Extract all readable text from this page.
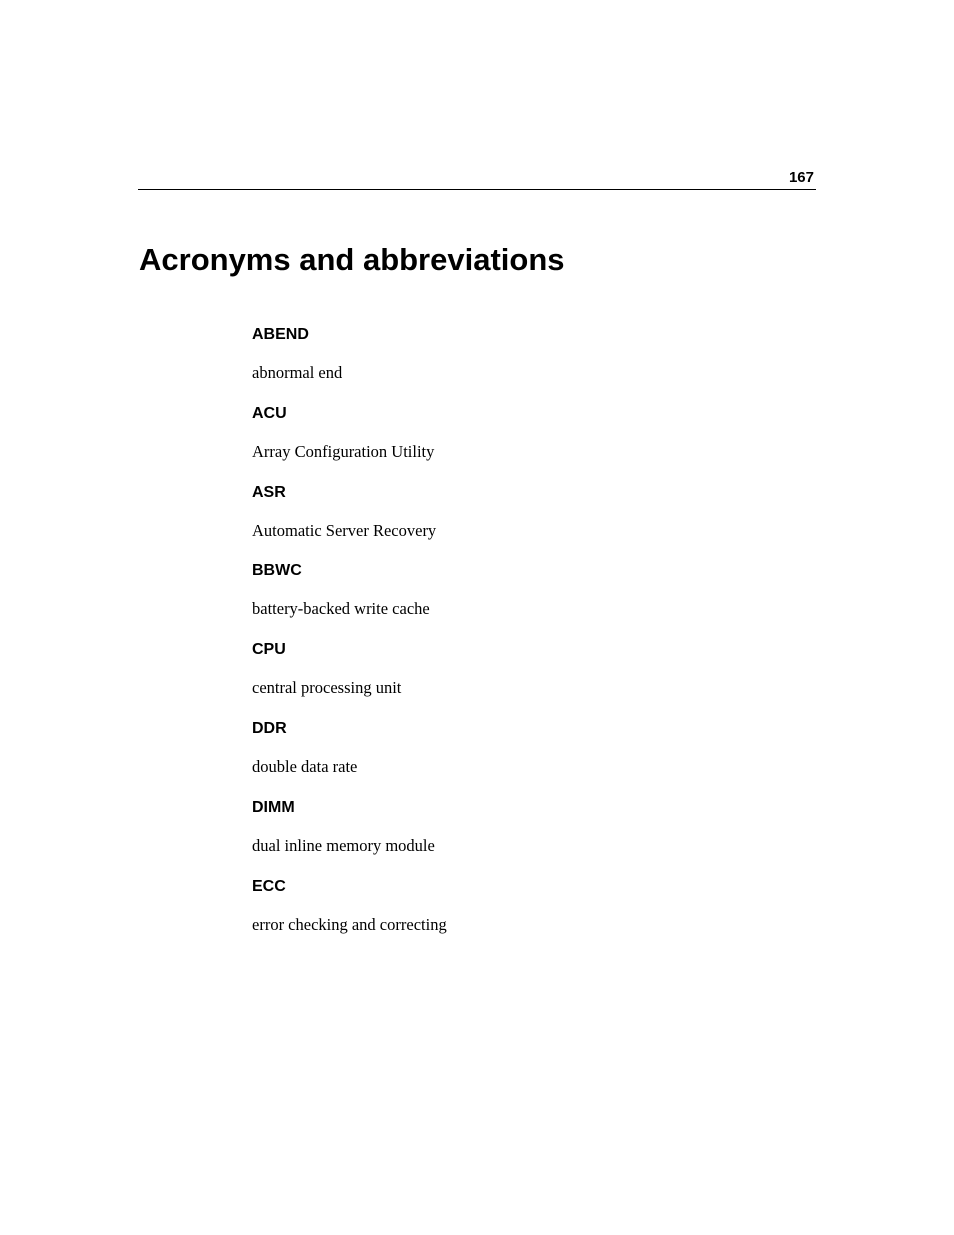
167
Acronyms and abbreviations
ABEND
abnormal end
ACU
Array Configuration Utility
ASR
Automatic Server Recovery
BBWC
battery-backed write cache
CPU
central processing unit
DDR
double data rate
DIMM
dual inline memory module
ECC
error checking and correcting
